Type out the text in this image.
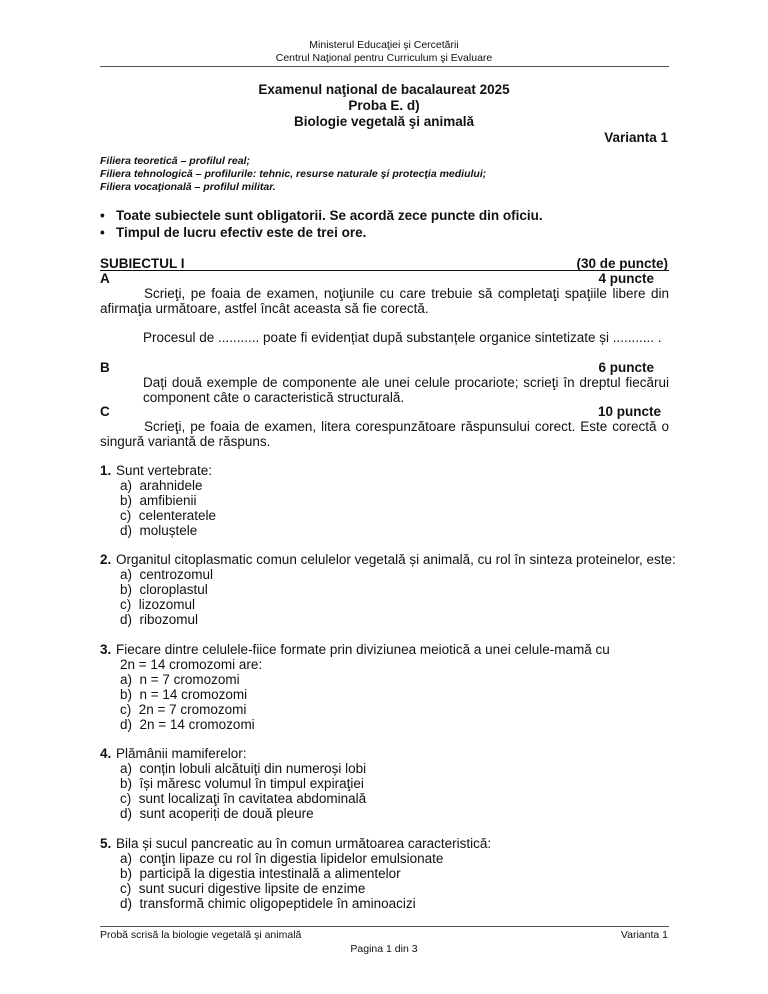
Ministerul Educaţiei şi Cercetării
Centrul Naţional pentru Curriculum şi Evaluare
Examenul naţional de bacalaureat 2025
Proba E. d)
Biologie vegetală şi animală
Varianta 1
Filiera teoretică – profilul real;
Filiera tehnologică – profilurile: tehnic, resurse naturale şi protecţia mediului;
Filiera vocaţională – profilul militar.
• Toate subiectele sunt obligatorii. Se acordă zece puncte din oficiu.
• Timpul de lucru efectiv este de trei ore.
SUBIECTUL I	(30 de puncte)
A	4 puncte
Scrieţi, pe foaia de examen, noţiunile cu care trebuie să completaţi spaţiile libere din afirmaţia următoare, astfel încât aceasta să fie corectă.
Procesul de ........... poate fi evidențiat după substanțele organice sintetizate și ........... .
B	6 puncte
Dați două exemple de componente ale unei celule procariote; scrieţi în dreptul fiecărui component câte o caracteristică structurală.
C	10 puncte
Scrieţi, pe foaia de examen, litera corespunzătoare răspunsului corect. Este corectă o singură variantă de răspuns.
1. Sunt vertebrate:
a)  arahnidele
b)  amfibienii
c)  celenteratele
d)  moluștele
2. Organitul citoplasmatic comun celulelor vegetală și animală, cu rol în sinteza proteinelor, este:
a)  centrozomul
b)  cloroplastul
c)  lizozomul
d)  ribozomul
3. Fiecare dintre celulele-fiice formate prin diviziunea meiotică a unei celule-mamă cu
2n = 14 cromozomi are:
a)  n = 7 cromozomi
b)  n = 14 cromozomi
c)  2n = 7 cromozomi
d)  2n = 14 cromozomi
4. Plămânii mamiferelor:
a)  conțin lobuli alcătuiți din numeroși lobi
b)  își măresc volumul în timpul expiraţiei
c)  sunt localizaţi în cavitatea abdominală
d)  sunt acoperiți de două pleure
5. Bila și sucul pancreatic au în comun următoarea caracteristică:
a)  conţin lipaze cu rol în digestia lipidelor emulsionate
b)  participă la digestia intestinală a alimentelor
c)  sunt sucuri digestive lipsite de enzime
d)  transformă chimic oligopeptidele în aminoacizi
Probă scrisă la biologie vegetală şi animală	Varianta 1
Pagina 1 din 3
